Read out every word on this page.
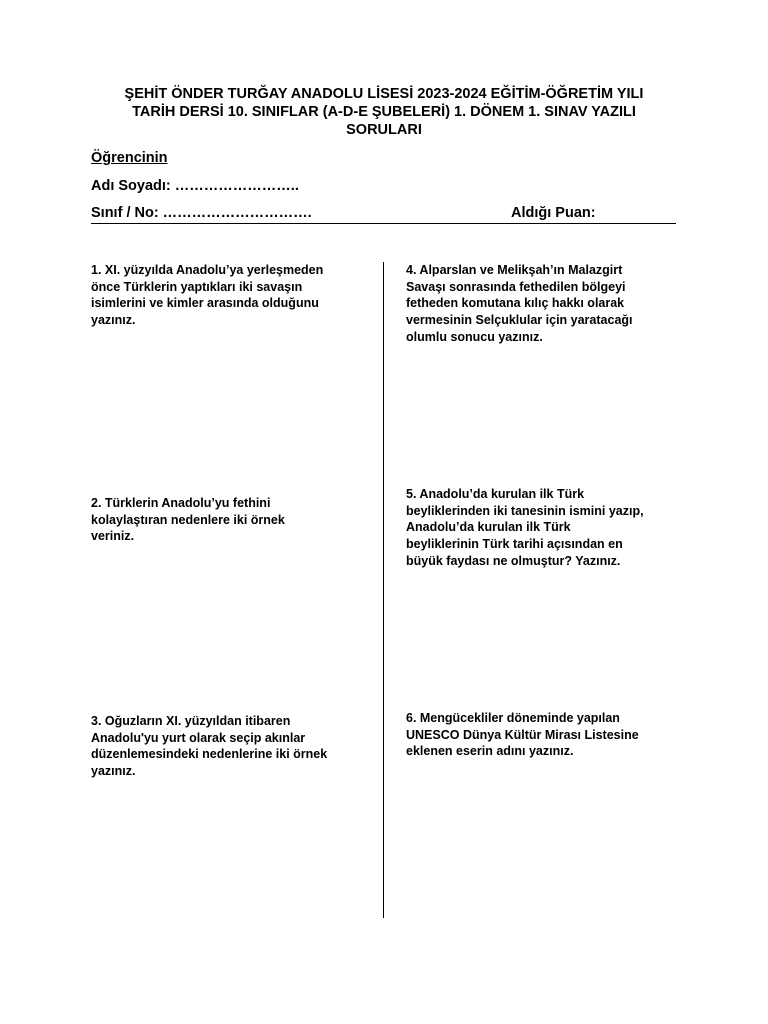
ŞEHİT ÖNDER TURĞAY ANADOLU LİSESİ 2023-2024 EĞİTİM-ÖĞRETİM YILI
TARİH DERSİ 10. SINIFLAR (A-D-E ŞUBELERİ) 1. DÖNEM 1. SINAV YAZILI
SORULARI
Öğrencinin
Adı Soyadı: ……………………..
Sınıf / No: ………………………….	Aldığı Puan:
1. XI. yüzyılda Anadolu’ya yerleşmeden
önce Türklerin yaptıkları iki savaşın
isimlerini ve kimler arasında olduğunu
yazınız.
2. Türklerin Anadolu’yu fethini
kolaylaştıran nedenlere iki örnek
veriniz.
3. Oğuzların XI. yüzyıldan itibaren
Anadolu'yu yurt olarak seçip akınlar
düzenlemesindeki nedenlerine iki örnek
yazınız.
4. Alparslan ve Melikşah’ın Malazgirt
Savaşı sonrasında fethedilen bölgeyi
fetheden komutana kılıç hakkı olarak
vermesinin Selçuklular için yaratacağı
olumlu sonucu yazınız.
5. Anadolu’da kurulan ilk Türk
beyliklerinden iki tanesinin ismini yazıp,
Anadolu’da kurulan ilk Türk
beyliklerinin Türk tarihi açısından en
büyük faydası ne olmuştur? Yazınız.
6. Mengücekliler döneminde yapılan
UNESCO Dünya Kültür Mirası Listesine
eklenen eserin adını yazınız.
